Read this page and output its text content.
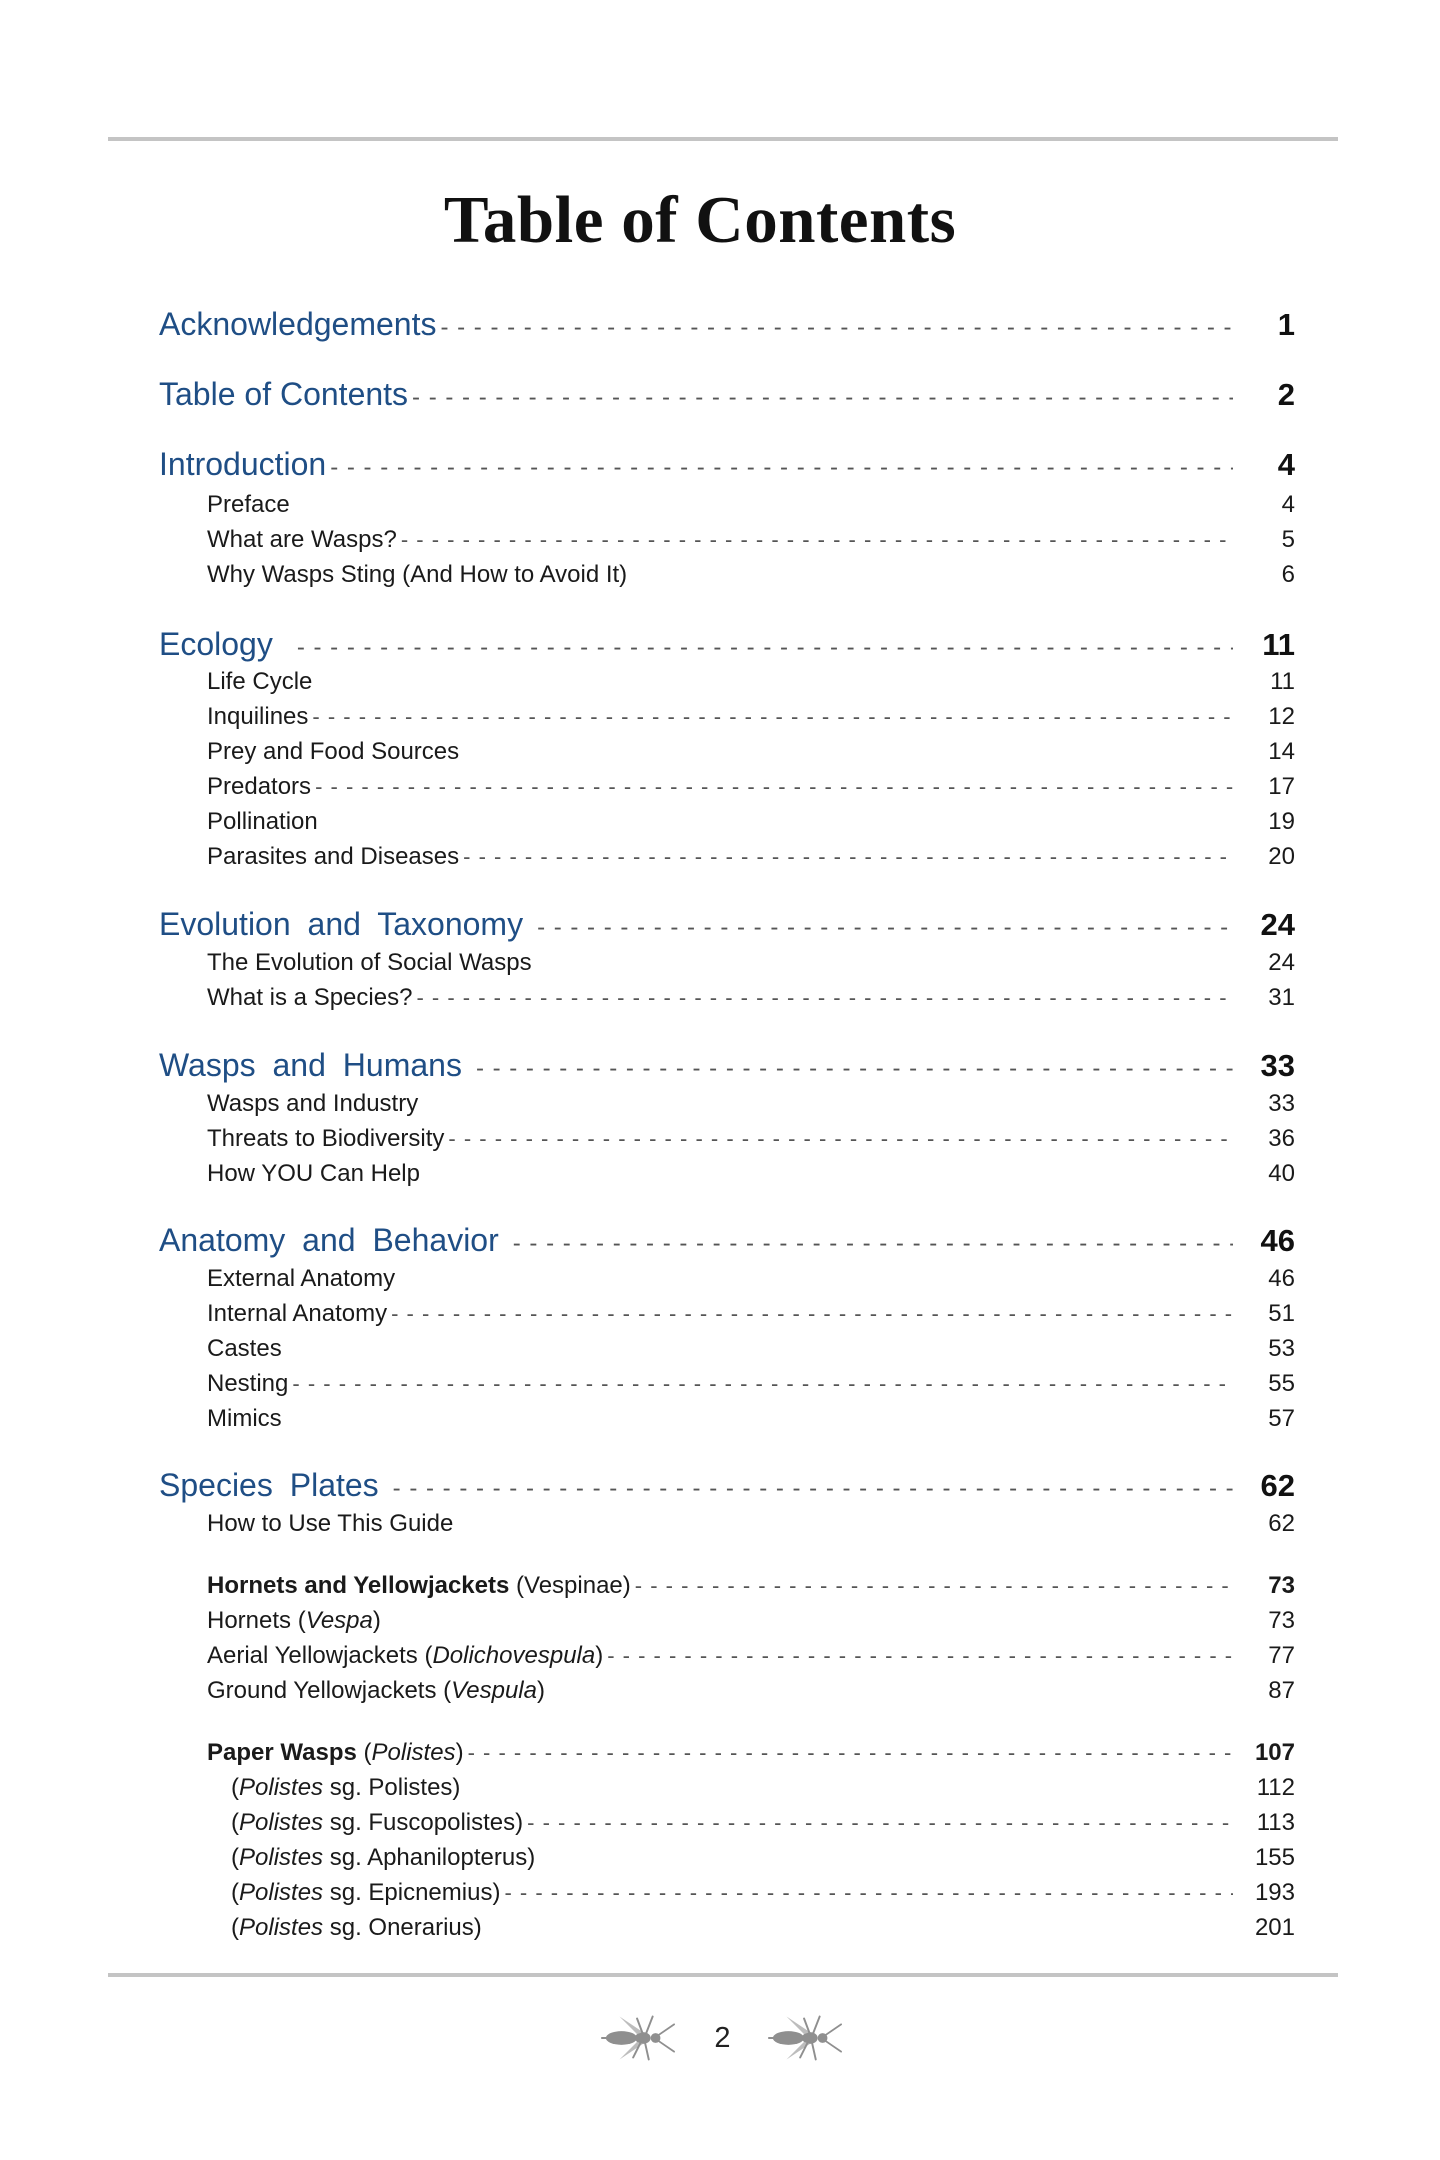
Table of Contents
Acknowledgements - - -	1
Table of Contents - - -	2
Introduction - - -	4
Preface	4
What are Wasps? - - -	5
Why Wasps Sting (And How to Avoid It)	6
Ecology - - -	11
Life Cycle	11
Inquilines - - -	12
Prey and Food Sources	14
Predators - - -	17
Pollination	19
Parasites and Diseases - - -	20
Evolution and Taxonomy - - -	24
The Evolution of Social Wasps	24
What is a Species? - - -	31
Wasps and Humans - - -	33
Wasps and Industry	33
Threats to Biodiversity - - -	36
How YOU Can Help	40
Anatomy and Behavior - - -	46
External Anatomy	46
Internal Anatomy - - -	51
Castes	53
Nesting - - -	55
Mimics	57
Species Plates - - -	62
How to Use This Guide	62
Hornets and Yellowjackets (Vespinae) - - -	73
Hornets (Vespa)	73
Aerial Yellowjackets (Dolichovespula) - - -	77
Ground Yellowjackets (Vespula)	87
Paper Wasps (Polistes) - - -	107
(Polistes sg. Polistes)	112
(Polistes sg. Fuscopolistes) - - -	113
(Polistes sg. Aphanilopterus)	155
(Polistes sg. Epicnemius) - - -	193
(Polistes sg. Onerarius)	201
2
